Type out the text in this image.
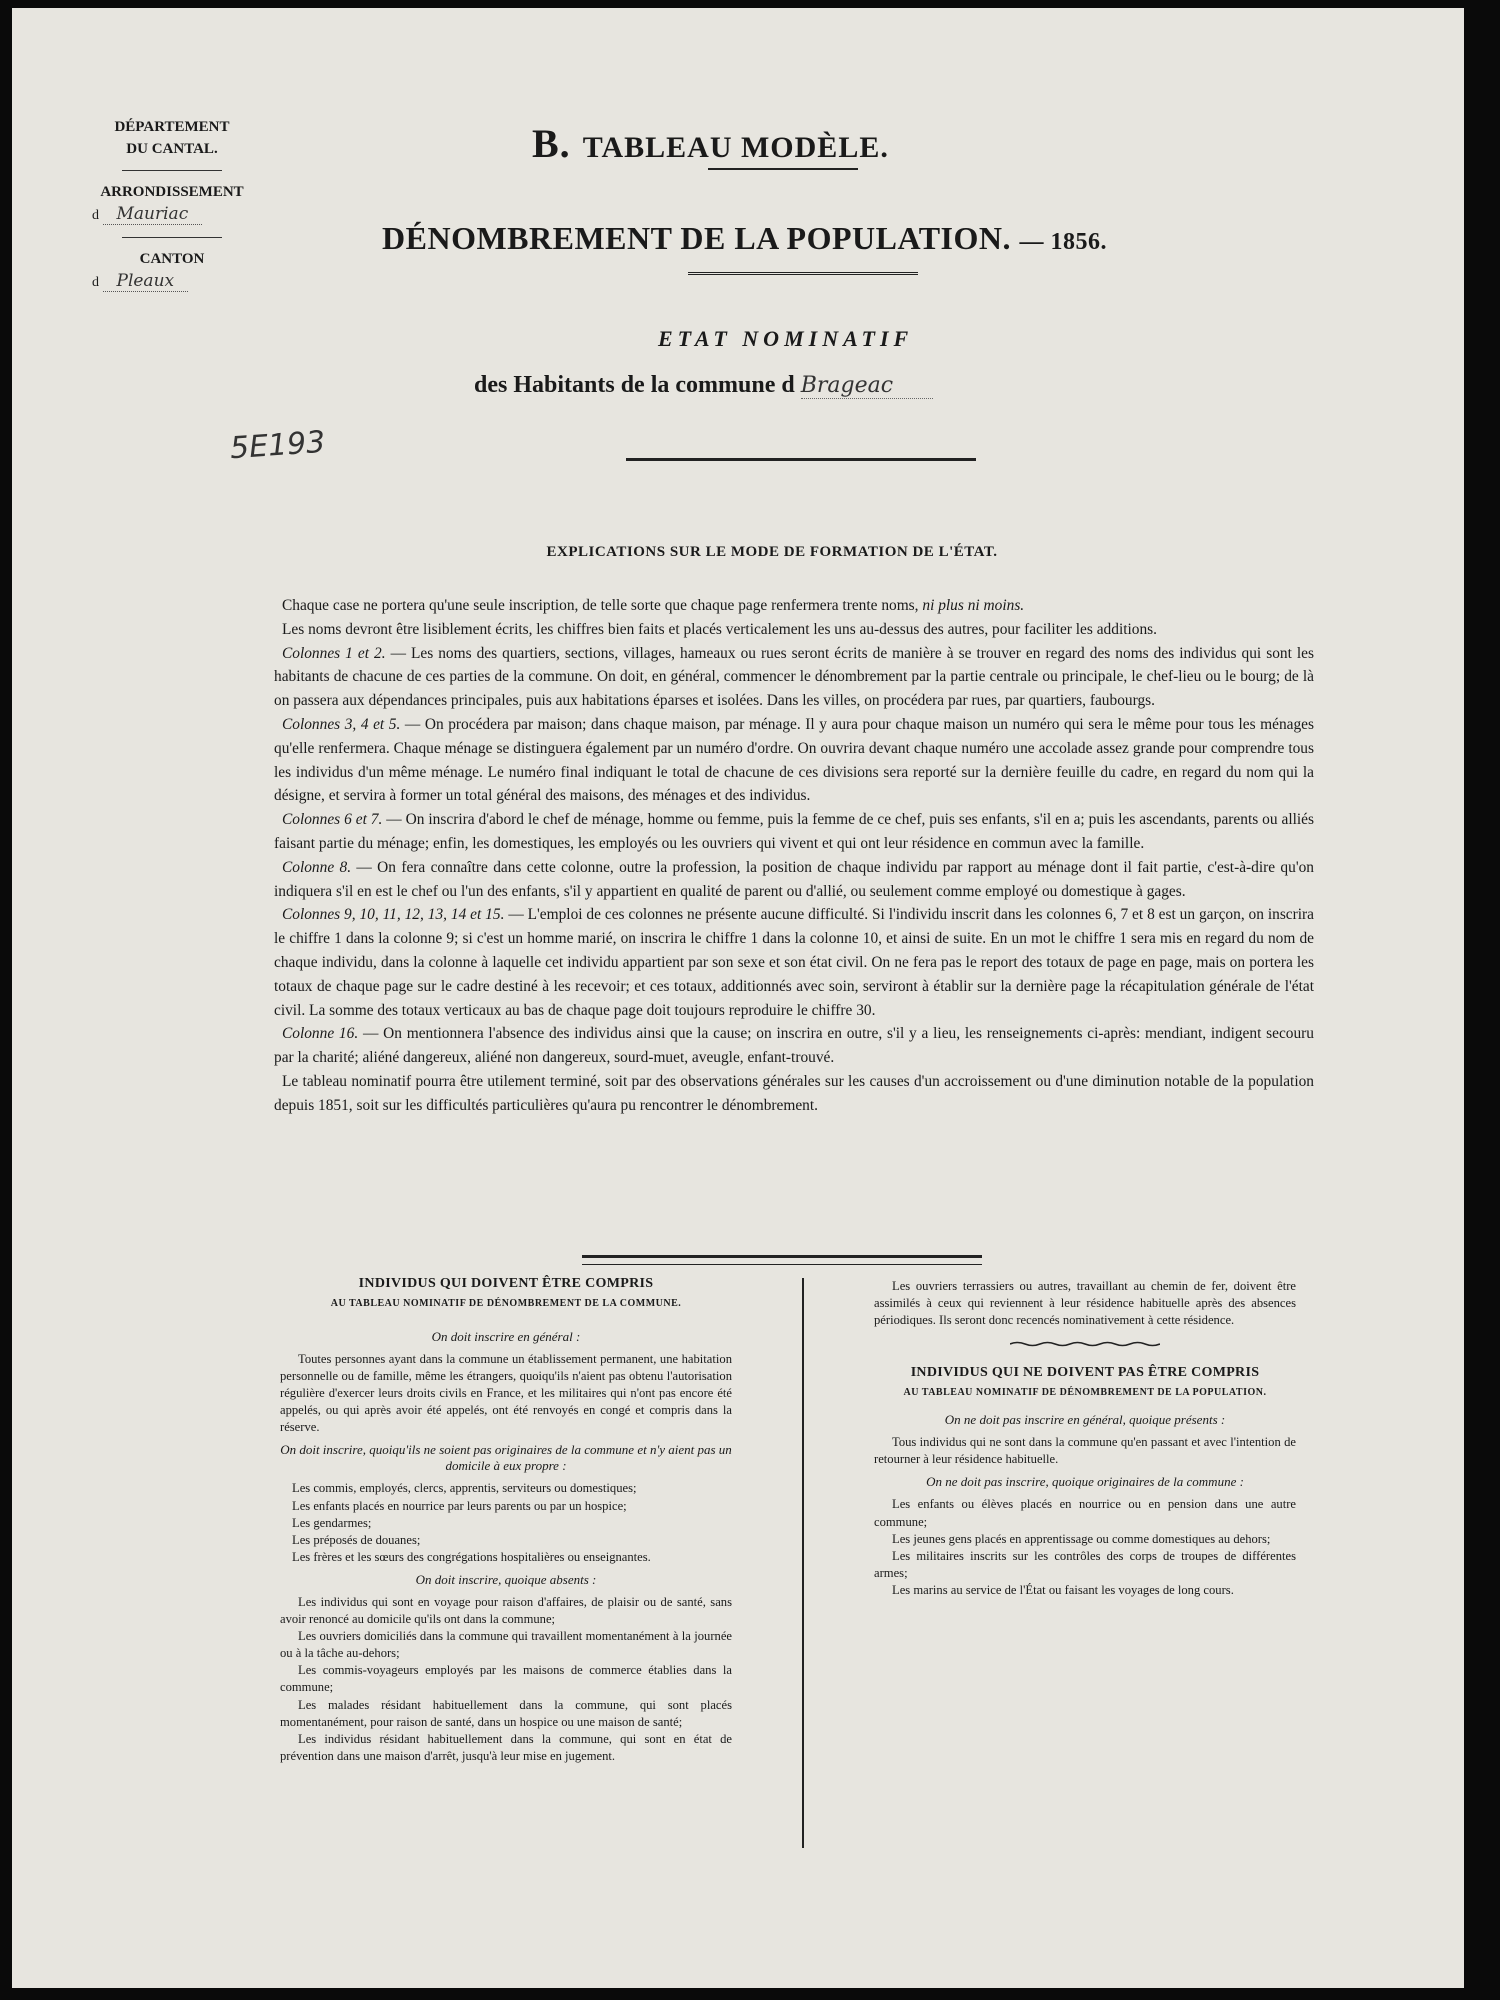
DÉPARTEMENT
DU CANTAL.
ARRONDISSEMENT
d Mauriac
CANTON
d Pleaux
B. TABLEAU MODÈLE.
DÉNOMBREMENT DE LA POPULATION. — 1856.
ETAT NOMINATIF
des Habitants de la commune d Brageac
5E193
EXPLICATIONS SUR LE MODE DE FORMATION DE L'ÉTAT.

Chaque case ne portera qu'une seule inscription, de telle sorte que chaque page renfermera trente noms, ni plus ni moins.

Les noms devront être lisiblement écrits, les chiffres bien faits et placés verticalement les uns au-dessus des autres, pour faciliter les additions.

Colonnes 1 et 2. — Les noms des quartiers, sections, villages, hameaux ou rues seront écrits de manière à se trouver en regard des noms des individus qui sont les habitants de chacune de ces parties de la commune. On doit, en général, commencer le dénombrement par la partie centrale ou principale, le chef-lieu ou le bourg; de là on passera aux dépendances principales, puis aux habitations éparses et isolées. Dans les villes, on procédera par rues, par quartiers, faubourgs.

Colonnes 3, 4 et 5. — On procédera par maison; dans chaque maison, par ménage. Il y aura pour chaque maison un numéro qui sera le même pour tous les ménages qu'elle renfermera. Chaque ménage se distinguera également par un numéro d'ordre. On ouvrira devant chaque numéro une accolade assez grande pour comprendre tous les individus d'un même ménage. Le numéro final indiquant le total de chacune de ces divisions sera reporté sur la dernière feuille du cadre, en regard du nom qui la désigne, et servira à former un total général des maisons, des ménages et des individus.

Colonnes 6 et 7. — On inscrira d'abord le chef de ménage, homme ou femme, puis la femme de ce chef, puis ses enfants, s'il en a; puis les ascendants, parents ou alliés faisant partie du ménage; enfin, les domestiques, les employés ou les ouvriers qui vivent et qui ont leur résidence en commun avec la famille.

Colonne 8. — On fera connaître dans cette colonne, outre la profession, la position de chaque individu par rapport au ménage dont il fait partie, c'est-à-dire qu'on indiquera s'il en est le chef ou l'un des enfants, s'il y appartient en qualité de parent ou d'allié, ou seulement comme employé ou domestique à gages.

Colonnes 9, 10, 11, 12, 13, 14 et 15. — L'emploi de ces colonnes ne présente aucune difficulté. Si l'individu inscrit dans les colonnes 6, 7 et 8 est un garçon, on inscrira le chiffre 1 dans la colonne 9; si c'est un homme marié, on inscrira le chiffre 1 dans la colonne 10, et ainsi de suite. En un mot le chiffre 1 sera mis en regard du nom de chaque individu, dans la colonne à laquelle cet individu appartient par son sexe et son état civil. On ne fera pas le report des totaux de page en page, mais on portera les totaux de chaque page sur le cadre destiné à les recevoir; et ces totaux, additionnés avec soin, serviront à établir sur la dernière page la récapitulation générale de l'état civil. La somme des totaux verticaux au bas de chaque page doit toujours reproduire le chiffre 30.

Colonne 16. — On mentionnera l'absence des individus ainsi que la cause; on inscrira en outre, s'il y a lieu, les renseignements ci-après: mendiant, indigent secouru par la charité; aliéné dangereux, aliéné non dangereux, sourd-muet, aveugle, enfant-trouvé.

Le tableau nominatif pourra être utilement terminé, soit par des observations générales sur les causes d'un accroissement ou d'une diminution notable de la population depuis 1851, soit sur les difficultés particulières qu'aura pu rencontrer le dénombrement.

INDIVIDUS QUI DOIVENT ÊTRE COMPRIS
AU TABLEAU NOMINATIF DE DÉNOMBREMENT DE LA COMMUNE.
On doit inscrire en général :

Toutes personnes ayant dans la commune un établissement permanent, une habitation personnelle ou de famille, même les étrangers, quoiqu'ils n'aient pas obtenu l'autorisation régulière d'exercer leurs droits civils en France, et les militaires qui n'ont pas encore été appelés, ou qui après avoir été appelés, ont été renvoyés en congé et compris dans la réserve.

On doit inscrire, quoiqu'ils ne soient pas originaires de la commune et n'y aient pas un domicile à eux propre :

Les commis, employés, clercs, apprentis, serviteurs ou domestiques;

Les enfants placés en nourrice par leurs parents ou par un hospice;

Les gendarmes;

Les préposés de douanes;

Les frères et les sœurs des congrégations hospitalières ou enseignantes.

On doit inscrire, quoique absents :

Les individus qui sont en voyage pour raison d'affaires, de plaisir ou de santé, sans avoir renoncé au domicile qu'ils ont dans la commune;

Les ouvriers domiciliés dans la commune qui travaillent momentanément à la journée ou à la tâche au-dehors;

Les commis-voyageurs employés par les maisons de commerce établies dans la commune;

Les malades résidant habituellement dans la commune, qui sont placés momentanément, pour raison de santé, dans un hospice ou une maison de santé;

Les individus résidant habituellement dans la commune, qui sont en état de prévention dans une maison d'arrêt, jusqu'à leur mise en jugement.

Les ouvriers terrassiers ou autres, travaillant au chemin de fer, doivent être assimilés à ceux qui reviennent à leur résidence habituelle après des absences périodiques. Ils seront donc recencés nominativement à cette résidence.

INDIVIDUS QUI NE DOIVENT PAS ÊTRE COMPRIS
AU TABLEAU NOMINATIF DE DÉNOMBREMENT DE LA POPULATION.
On ne doit pas inscrire en général, quoique présents :

Tous individus qui ne sont dans la commune qu'en passant et avec l'intention de retourner à leur résidence habituelle.

On ne doit pas inscrire, quoique originaires de la commune :

Les enfants ou élèves placés en nourrice ou en pension dans une autre commune;

Les jeunes gens placés en apprentissage ou comme domestiques au dehors;

Les militaires inscrits sur les contrôles des corps de troupes de différentes armes;

Les marins au service de l'État ou faisant les voyages de long cours.
